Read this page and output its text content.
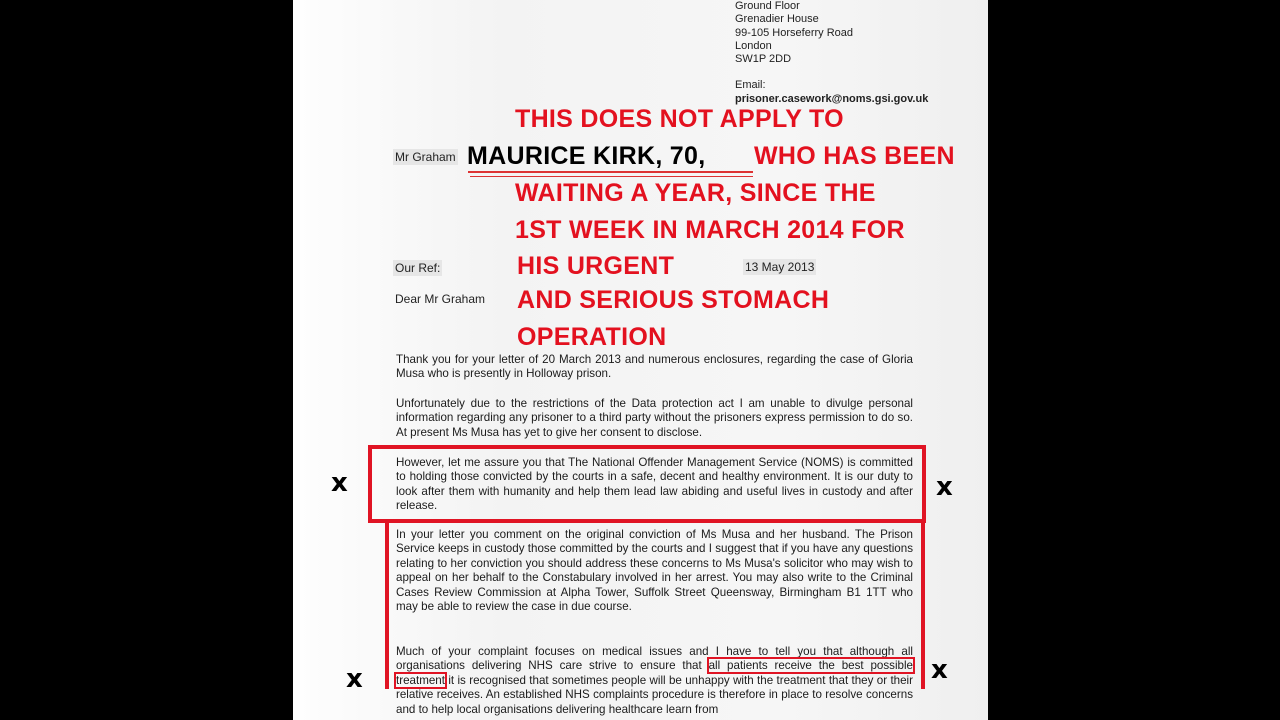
Ground Floor
Grenadier House
99-105 Horseferry Road
London
SW1P 2DD
Email:
prisoner.casework@noms.gsi.gov.uk
THIS DOES NOT APPLY TO
Mr Graham MAURICE KIRK, 70, WHO HAS BEEN
WAITING A YEAR, SINCE THE
1ST WEEK IN MARCH 2014 FOR
Our Ref:	HIS URGENT	13 May 2013
Dear Mr Graham AND SERIOUS STOMACH
OPERATION
Thank you for your letter of 20 March 2013 and numerous enclosures, regarding the case of Gloria Musa who is presently in Holloway prison.
Unfortunately due to the restrictions of the Data protection act I am unable to divulge personal information regarding any prisoner to a third party without the prisoners express permission to do so. At present Ms Musa has yet to give her consent to disclose.
However, let me assure you that The National Offender Management Service (NOMS) is committed to holding those convicted by the courts in a safe, decent and healthy environment. It is our duty to look after them with humanity and help them lead law abiding and useful lives in custody and after release.
In your letter you comment on the original conviction of Ms Musa and her husband. The Prison Service keeps in custody those committed by the courts and I suggest that if you have any questions relating to her conviction you should address these concerns to Ms Musa's solicitor who may wish to appeal on her behalf to the Constabulary involved in her arrest. You may also write to the Criminal Cases Review Commission at Alpha Tower, Suffolk Street Queensway, Birmingham B1 1TT who may be able to review the case in due course.
Much of your complaint focuses on medical issues and I have to tell you that although all organisations delivering NHS care strive to ensure that all patients receive the best possible treatment it is recognised that sometimes people will be unhappy with the treatment that they or their relative receives. An established NHS complaints procedure is therefore in place to resolve concerns and to help local organisations delivering healthcare learn from
x	x
x	x
